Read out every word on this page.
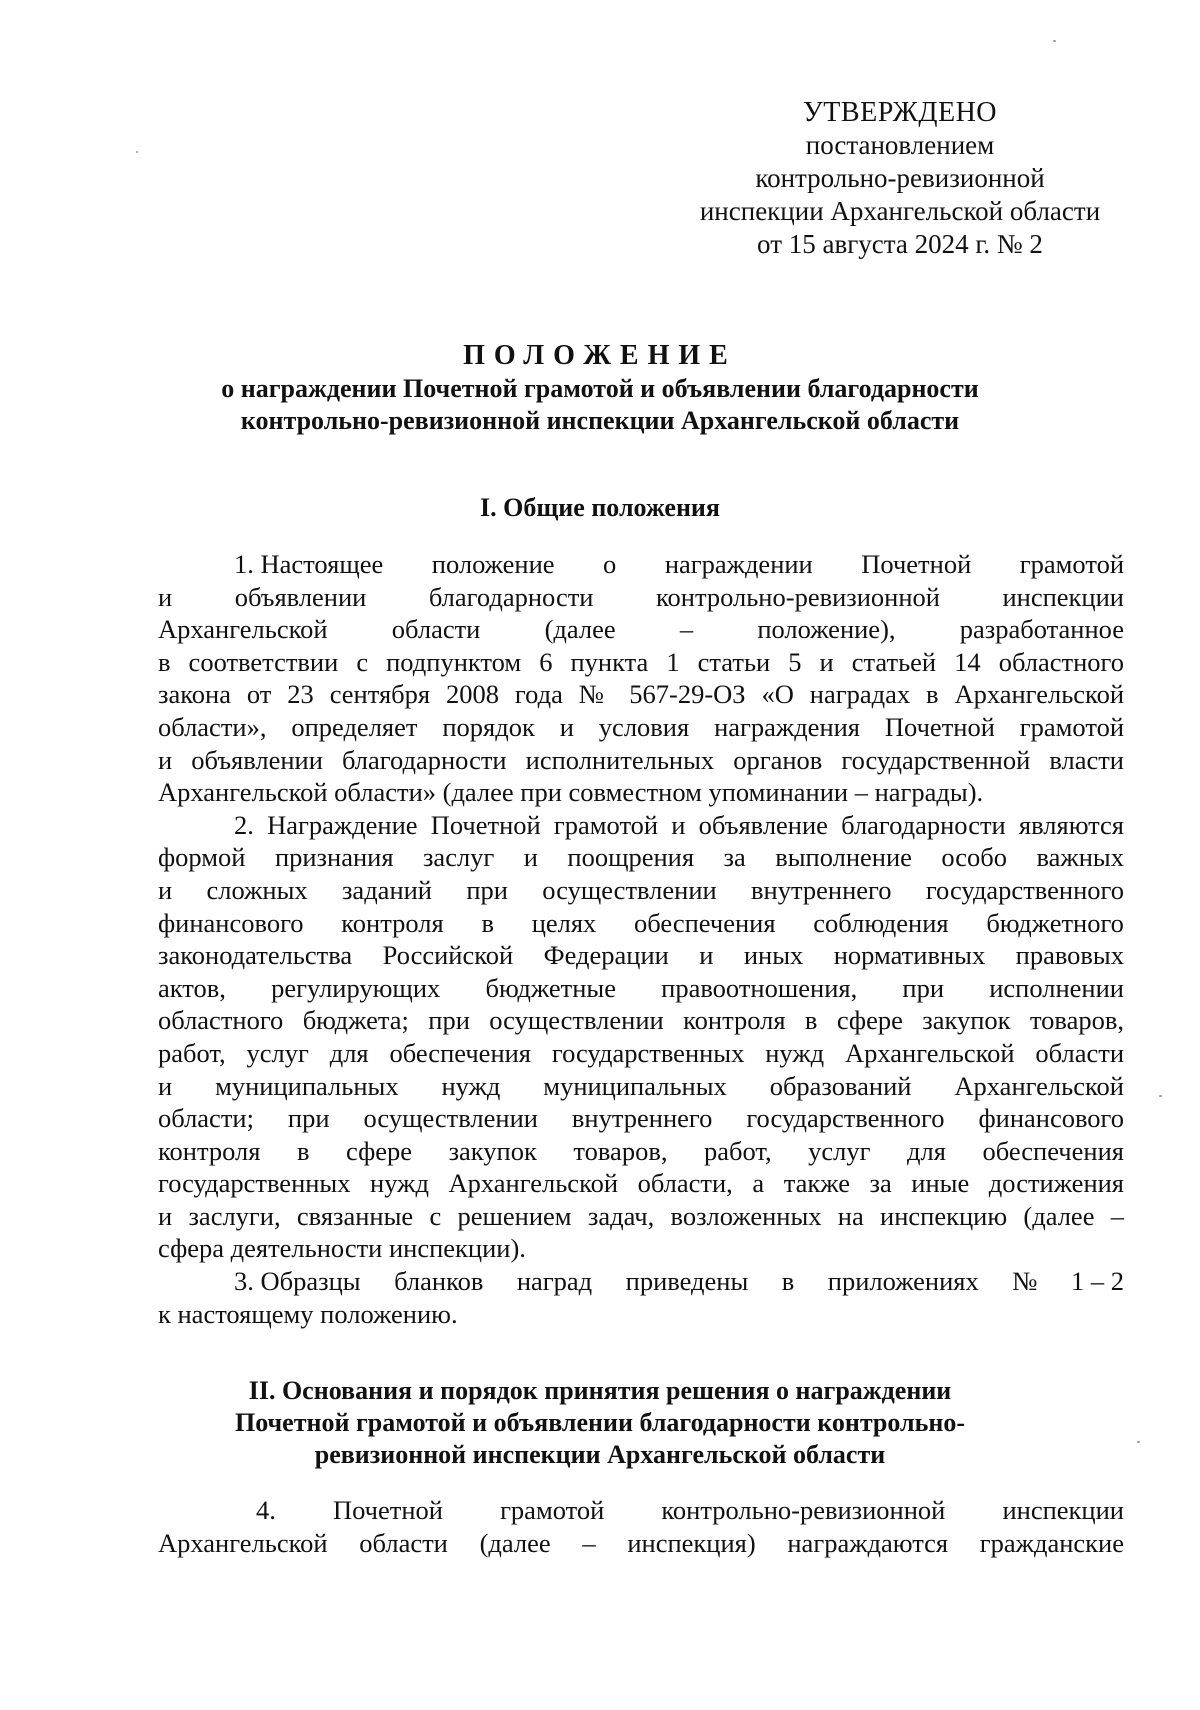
УТВЕРЖДЕНО
постановлением
контрольно-ревизионной
инспекции Архангельской области
от 15 августа 2024 г. № 2
ПОЛОЖЕНИЕ
о награждении Почетной грамотой и объявлении благодарности
контрольно-ревизионной инспекции Архангельской области
I. Общие положения
1. Настоящее положение о награждении Почетной грамотой
и объявлении благодарности контрольно-ревизионной инспекции
Архангельской области (далее – положение), разработанное
в соответствии с подпунктом 6 пункта 1 статьи 5 и статьей 14 областного
закона от 23 сентября 2008 года № 567-29-ОЗ «О наградах в Архангельской
области», определяет порядок и условия награждения Почетной грамотой
и объявлении благодарности исполнительных органов государственной власти
Архангельской области» (далее при совместном упоминании – награды).
2. Награждение Почетной грамотой и объявление благодарности являются
формой признания заслуг и поощрения за выполнение особо важных
и сложных заданий при осуществлении внутреннего государственного
финансового контроля в целях обеспечения соблюдения бюджетного
законодательства Российской Федерации и иных нормативных правовых
актов, регулирующих бюджетные правоотношения, при исполнении
областного бюджета; при осуществлении контроля в сфере закупок товаров,
работ, услуг для обеспечения государственных нужд Архангельской области
и муниципальных нужд муниципальных образований Архангельской
области; при осуществлении внутреннего государственного финансового
контроля в сфере закупок товаров, работ, услуг для обеспечения
государственных нужд Архангельской области, а также за иные достижения
и заслуги, связанные с решением задач, возложенных на инспекцию (далее –
сфера деятельности инспекции).
3. Образцы бланков наград приведены в приложениях № 1 – 2
к настоящему положению.
II. Основания и порядок принятия решения о награждении
Почетной грамотой и объявлении благодарности контрольно-
ревизионной инспекции Архангельской области
4. Почетной грамотой контрольно-ревизионной инспекции
Архангельской области (далее – инспекция) награждаются гражданские
